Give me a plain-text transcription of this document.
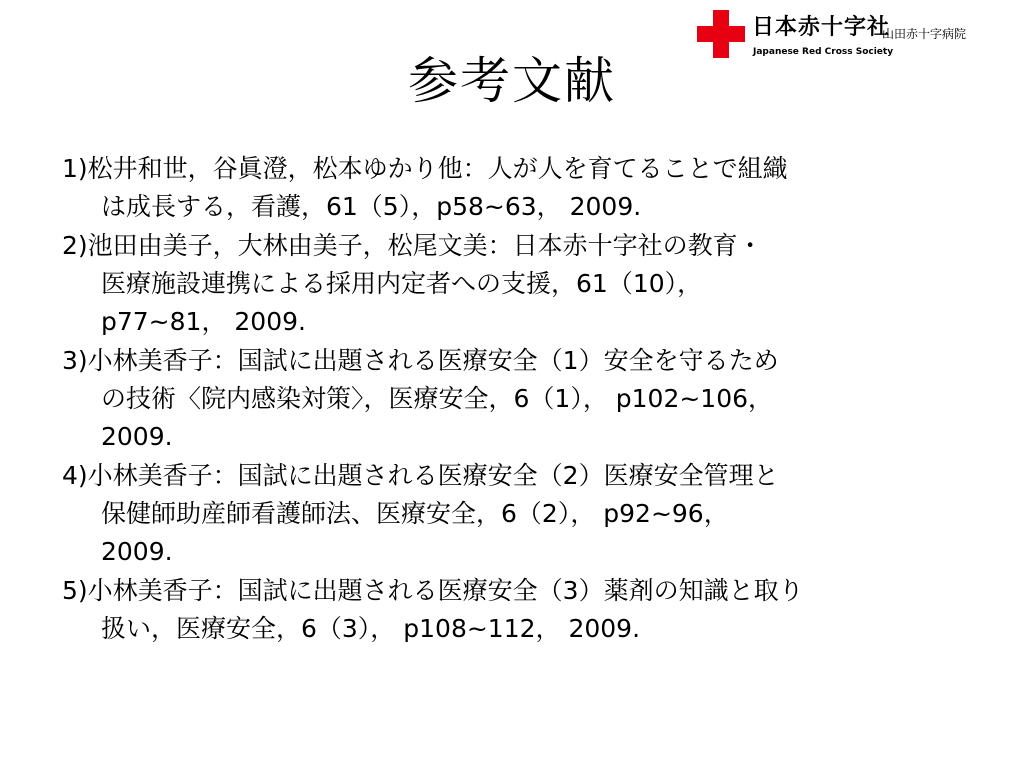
日本赤十字社
Japanese Red Cross Society
山田赤十字病院
参考文献
1)松井和世，谷眞澄，松本ゆかり他：人が人を育てることで組織
は成長する，看護，61（5），p58~63， 2009.
2)池田由美子，大林由美子，松尾文美：日本赤十字社の教育・
医療施設連携による採用内定者への支援，61（10），
p77~81， 2009.
3)小林美香子：国試に出題される医療安全（1）安全を守るため
の技術〈院内感染対策〉，医療安全，6（1）， p102~106，
2009.
4)小林美香子：国試に出題される医療安全（2）医療安全管理と
保健師助産師看護師法、医療安全，6（2）， p92~96，
2009.
5)小林美香子：国試に出題される医療安全（3）薬剤の知識と取り
扱い，医療安全，6（3）， p108~112， 2009.
